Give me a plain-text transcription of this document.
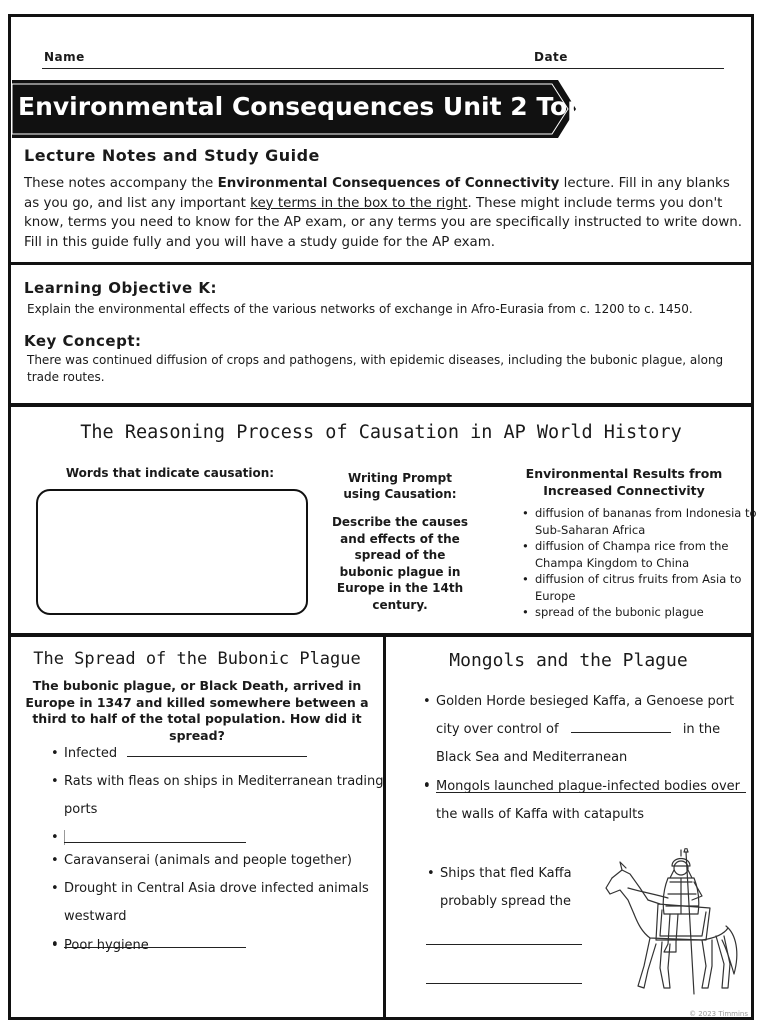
Name	Date
Environmental Consequences Unit 2 Topic 6
Lecture Notes and Study Guide
These notes accompany the Environmental Consequences of Connectivity lecture. Fill in any blanks as you go, and list any important key terms in the box to the right. These might include terms you don't know, terms you need to know for the AP exam, or any terms you are specifically instructed to write down. Fill in this guide fully and you will have a study guide for the AP exam.
Learning Objective K:
Explain the environmental effects of the various networks of exchange in Afro-Eurasia from c. 1200 to c. 1450.
Key Concept:
There was continued diffusion of crops and pathogens, with epidemic diseases, including the bubonic plague, along trade routes.
The Reasoning Process of Causation in AP World History
Words that indicate causation:	Writing Prompt using Causation:
Describe the causes and effects of the spread of the bubonic plague in Europe in the 14th century.
Environmental Results from Increased Connectivity
• diffusion of bananas from Indonesia to Sub-Saharan Africa
• diffusion of Champa rice from the Champa Kingdom to China
• diffusion of citrus fruits from Asia to Europe
• spread of the bubonic plague
The Spread of the Bubonic Plague
The bubonic plague, or Black Death, arrived in Europe in 1347 and killed somewhere between a third to half of the total population. How did it spread?
• Infected
• Rats with fleas on ships in Mediterranean trading ports
•
• Caravanserai (animals and people together)
• Drought in Central Asia drove infected animals westward
•
• Poor hygiene
Mongols and the Plague
• Golden Horde besieged Kaffa, a Genoese port city over control of	in the Black Sea and Mediterranean
•
• Mongols launched plague-infected bodies over the walls of Kaffa with catapults
• Ships that fled Kaffa probably spread the
© 2023 Timmins
